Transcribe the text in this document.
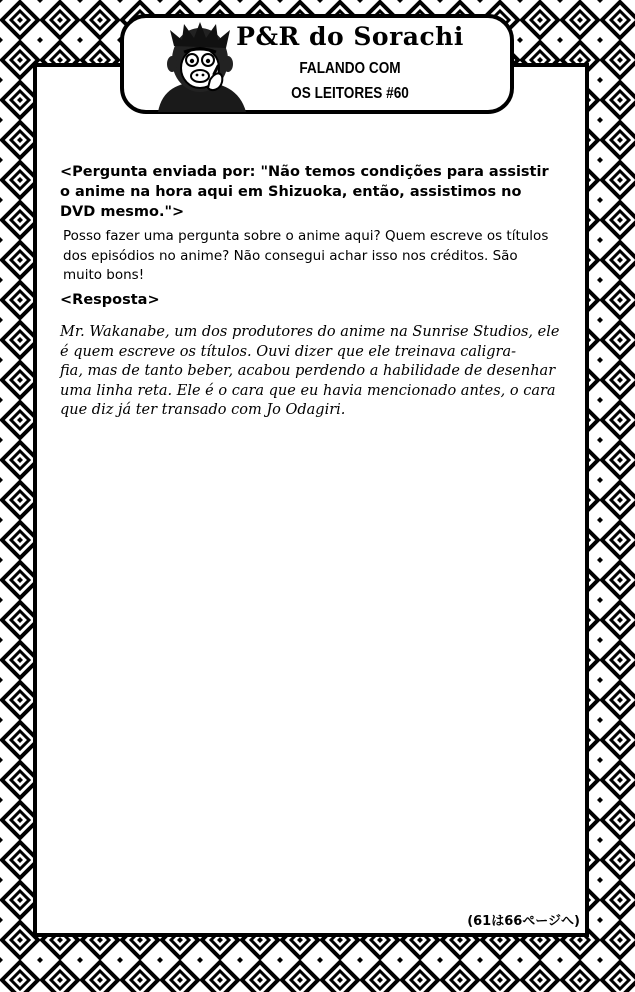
P&R do Sorachi
FALANDO COM
OS LEITORES #60
<Pergunta enviada por: "Não temos condições para assistir o anime na hora aqui em Shizuoka, então, assistimos no DVD mesmo.">
Posso fazer uma pergunta sobre o anime aqui? Quem escreve os títulos dos episódios no anime? Não consegui achar isso nos créditos. São muito bons!
<Resposta>
Mr. Wakanabe, um dos produtores do anime na Sunrise Studios, ele é quem escreve os títulos. Ouvi dizer que ele treinava caligra-
fia, mas de tanto beber, acabou perdendo a habilidade de desenhar uma linha reta. Ele é o cara que eu havia mencionado antes, o cara que diz já ter transado com Jo Odagiri.
(61は66ページへ)
